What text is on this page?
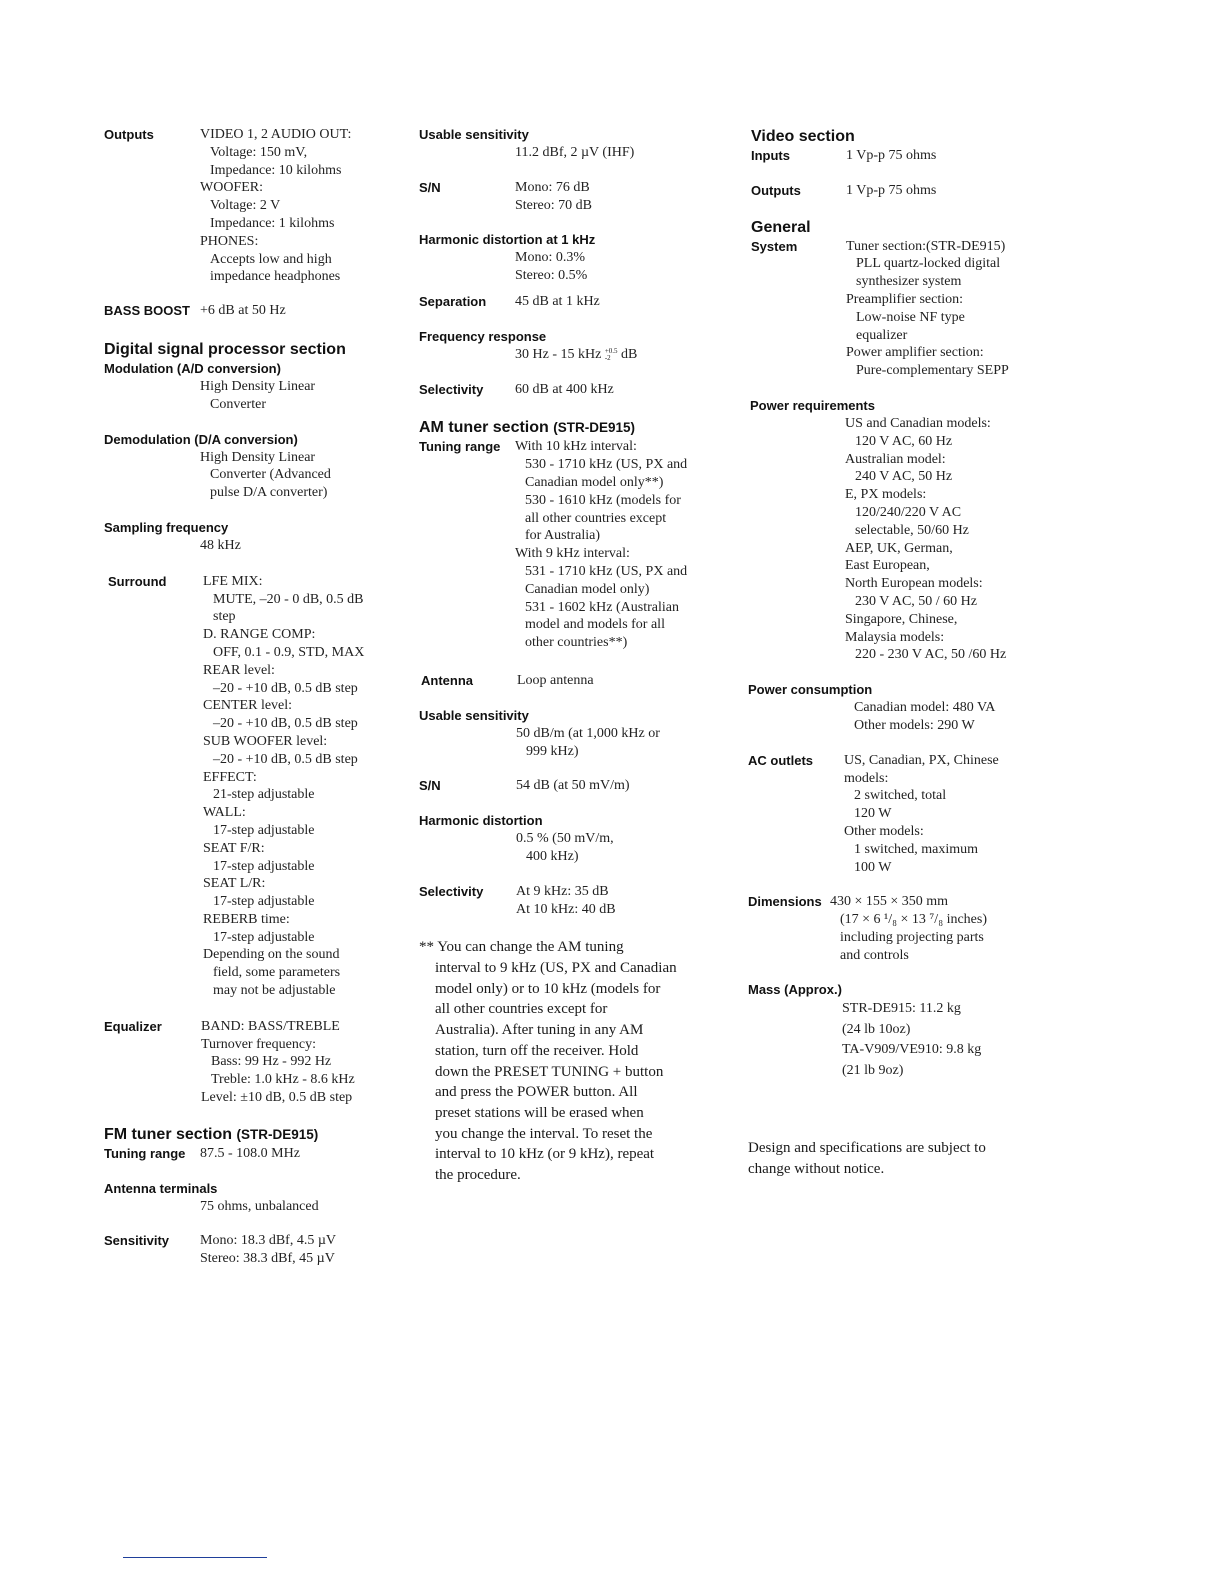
Outputs	VIDEO 1, 2 AUDIO OUT:
Voltage: 150 mV,
Impedance: 10 kilohms
WOOFER:
Voltage: 2 V
Impedance: 1 kilohms
PHONES:
Accepts low and high
impedance headphones
BASS BOOST +6 dB at 50 Hz
Digital signal processor section
Modulation (A/D conversion)
High Density Linear
Converter
Demodulation (D/A conversion)
High Density Linear
Converter (Advanced
pulse D/A converter)
Sampling frequency
48 kHz
Surround	LFE MIX:
MUTE, –20 - 0 dB, 0.5 dB
step
D. RANGE COMP:
OFF, 0.1 - 0.9, STD, MAX
REAR level:
–20 - +10 dB, 0.5 dB step
CENTER level:
–20 - +10 dB, 0.5 dB step
SUB WOOFER level:
–20 - +10 dB, 0.5 dB step
EFFECT:
21-step adjustable
WALL:
17-step adjustable
SEAT F/R:
17-step adjustable
SEAT L/R:
17-step adjustable
REBERB time:
17-step adjustable
Depending on the sound
field, some parameters
may not be adjustable
Equalizer	BAND: BASS/TREBLE
Turnover frequency:
Bass: 99 Hz - 992 Hz
Treble: 1.0 kHz - 8.6 kHz
Level: ±10 dB, 0.5 dB step
FM tuner section (STR-DE915)
Tuning range 87.5 - 108.0 MHz
Antenna terminals
75 ohms, unbalanced
Sensitivity Mono: 18.3 dBf, 4.5 µV
Stereo: 38.3 dBf, 45 µV
Usable sensitivity
11.2 dBf, 2 µV (IHF)
S/N	Mono: 76 dB
Stereo: 70 dB
Harmonic distortion at 1 kHz
Mono: 0.3%
Stereo: 0.5%
Separation 45 dB at 1 kHz
Frequency response
30 Hz - 15 kHz +0.5
-2 dB
Selectivity 60 dB at 400 kHz
AM tuner section (STR-DE915)
Tuning range With 10 kHz interval:
530 - 1710 kHz (US, PX and
Canadian model only**)
530 - 1610 kHz (models for
all other countries except
for Australia)
With 9 kHz interval:
531 - 1710 kHz (US, PX and
Canadian model only)
531 - 1602 kHz (Australian
model and models for all
other countries**)
Antenna	Loop antenna
Usable sensitivity
50 dB/m (at 1,000 kHz or
999 kHz)
S/N	54 dB (at 50 mV/m)
Harmonic distortion
0.5 % (50 mV/m,
400 kHz)
Selectivity At 9 kHz: 35 dB
At 10 kHz: 40 dB
** You can change the AM tuning
interval to 9 kHz (US, PX and Canadian
model only) or to 10 kHz (models for
all other countries except for
Australia). After tuning in any AM
station, turn off the receiver. Hold
down the PRESET TUNING + button
and press the POWER button. All
preset stations will be erased when
you change the interval. To reset the
interval to 10 kHz (or 9 kHz), repeat
the procedure.
Video section
Inputs	1 Vp-p 75 ohms
Outputs	1 Vp-p 75 ohms
General
System	Tuner section:(STR-DE915)
PLL quartz-locked digital
synthesizer system
Preamplifier section:
Low-noise NF type
equalizer
Power amplifier section:
Pure-complementary SEPP
Power requirements
US and Canadian models:
120 V AC, 60 Hz
Australian model:
240 V AC, 50 Hz
E, PX models:
120/240/220 V AC
selectable, 50/60 Hz
AEP, UK, German,
East European,
North European models:
230 V AC, 50 / 60 Hz
Singapore, Chinese,
Malaysia models:
220 - 230 V AC, 50 /60 Hz
Power consumption
Canadian model: 480 VA
Other models: 290 W
AC outlets US, Canadian, PX, Chinese
models:
2 switched, total
120 W
Other models:
1 switched, maximum
100 W
Dimensions 430 × 155 × 350 mm
(17 × 6 ¹/₈ × 13 ⁷/₈ inches)
including projecting parts
and controls
Mass (Approx.)
STR-DE915: 11.2 kg
(24 lb 10oz)
TA-V909/VE910: 9.8 kg
(21 lb 9oz)
Design and specifications are subject to
change without notice.
